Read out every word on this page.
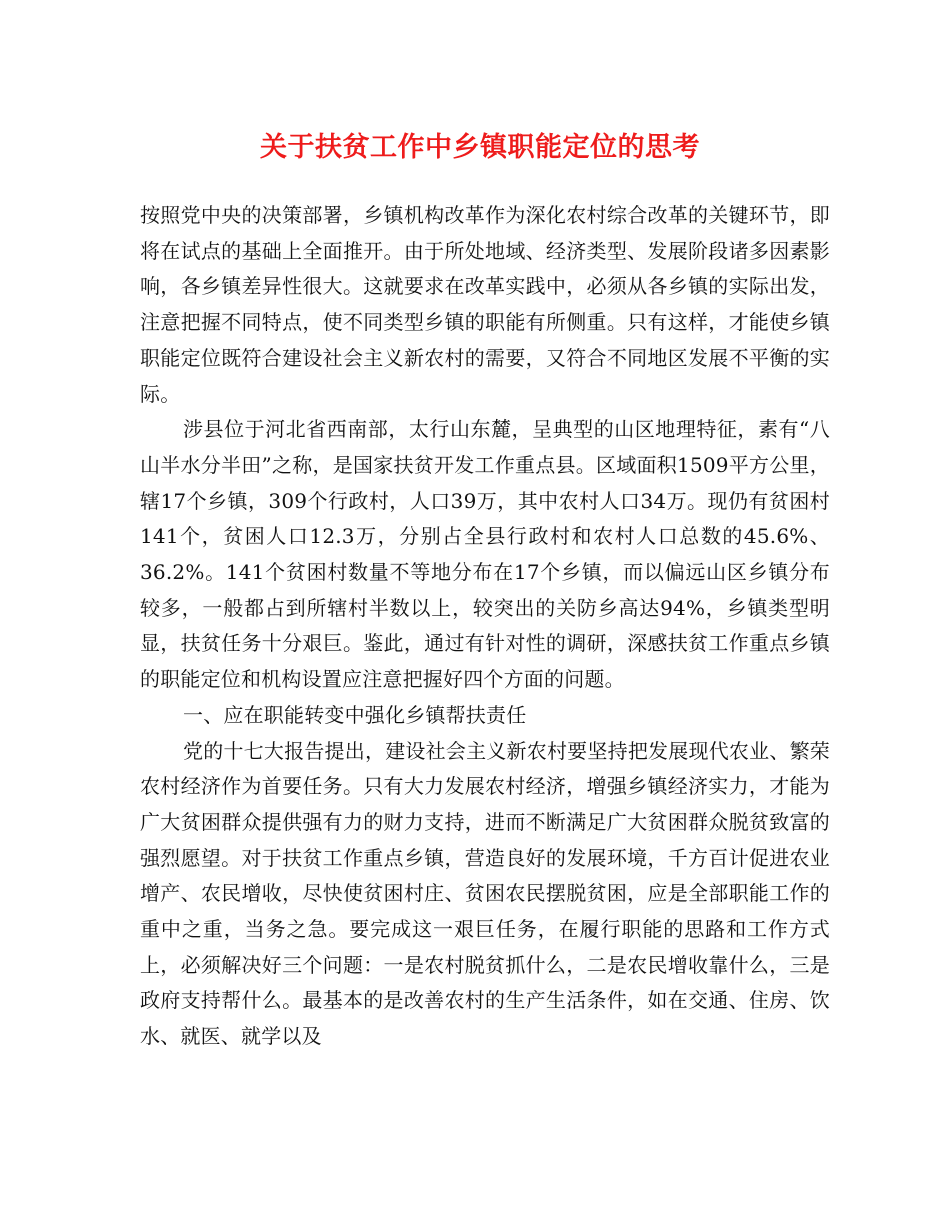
关于扶贫工作中乡镇职能定位的思考

按照党中央的决策部署，乡镇机构改革作为深化农村综合改革的关键环节，即将在试点的基础上全面推开。由于所处地域、经济类型、发展阶段诸多因素影响，各乡镇差异性很大。这就要求在改革实践中，必须从各乡镇的实际出发，注意把握不同特点，使不同类型乡镇的职能有所侧重。只有这样，才能使乡镇职能定位既符合建设社会主义新农村的需要，又符合不同地区发展不平衡的实际。

涉县位于河北省西南部，太行山东麓，呈典型的山区地理特征，素有“八山半水分半田”之称，是国家扶贫开发工作重点县。区域面积1509平方公里，辖17个乡镇，309个行政村，人口39万，其中农村人口34万。现仍有贫困村141个，贫困人口12.3万，分别占全县行政村和农村人口总数的45.6%、36.2%。141个贫困村数量不等地分布在17个乡镇，而以偏远山区乡镇分布较多，一般都占到所辖村半数以上，较突出的关防乡高达94%，乡镇类型明显，扶贫任务十分艰巨。鉴此，通过有针对性的调研，深感扶贫工作重点乡镇的职能定位和机构设置应注意把握好四个方面的问题。

一、应在职能转变中强化乡镇帮扶责任

党的十七大报告提出，建设社会主义新农村要坚持把发展现代农业、繁荣农村经济作为首要任务。只有大力发展农村经济，增强乡镇经济实力，才能为广大贫困群众提供强有力的财力支持，进而不断满足广大贫困群众脱贫致富的强烈愿望。对于扶贫工作重点乡镇，营造良好的发展环境，千方百计促进农业增产、农民增收，尽快使贫困村庄、贫困农民摆脱贫困，应是全部职能工作的重中之重，当务之急。要完成这一艰巨任务，在履行职能的思路和工作方式上，必须解决好三个问题：一是农村脱贫抓什么，二是农民增收靠什么，三是政府支持帮什么。最基本的是改善农村的生产生活条件，如在交通、住房、饮水、就医、就学以及
